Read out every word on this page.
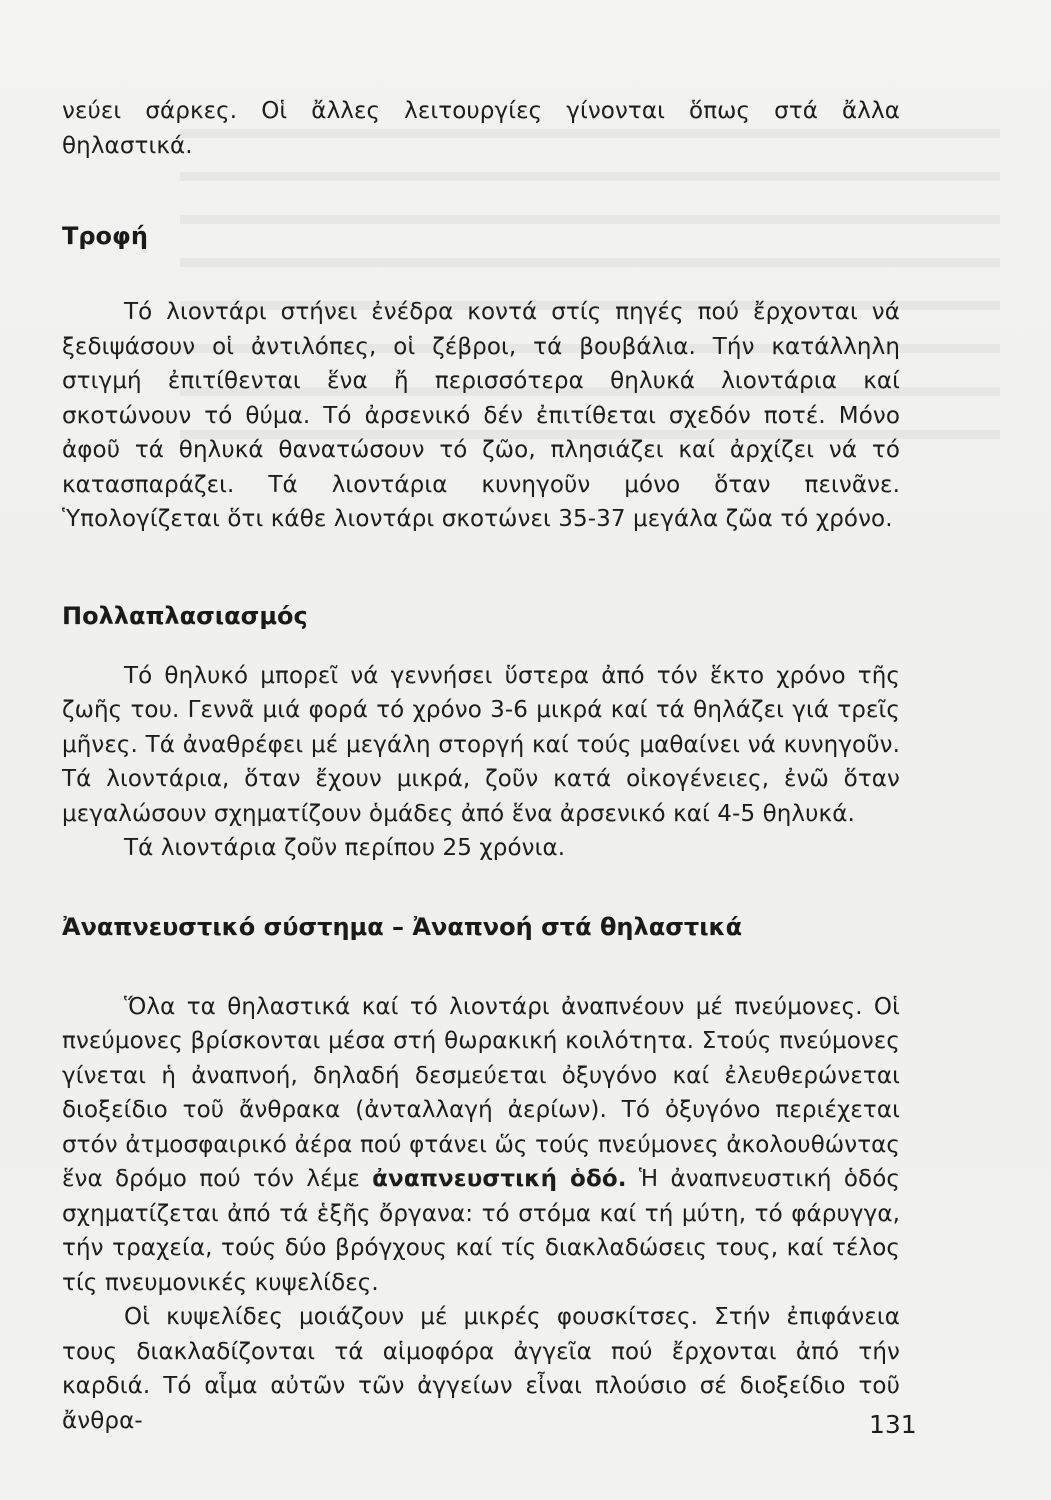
νεύει σάρκες. Οἱ ἄλλες λειτουργίες γίνονται ὅπως στά ἄλλα θηλαστικά.

Τροφή

Τό λιοντάρι στήνει ἐνέδρα κοντά στίς πηγές πού ἔρχονται νά ξεδιψάσουν οἱ ἀντιλόπες, οἱ ζέβροι, τά βουβάλια. Τήν κατάλληλη στιγμή ἐπιτίθενται ἕνα ἤ περισσότερα θηλυκά λιοντάρια καί σκοτώνουν τό θύμα. Τό ἀρσενικό δέν ἐπιτίθεται σχεδόν ποτέ. Μόνο ἀφοῦ τά θηλυκά θανατώσουν τό ζῶο, πλησιάζει καί ἀρχίζει νά τό κατασπαράζει. Τά λιοντάρια κυνηγοῦν μόνο ὅταν πεινᾶνε. Ὑπολογίζεται ὅτι κάθε λιοντάρι σκοτώνει 35-37 μεγάλα ζῶα τό χρόνο.

Πολλαπλασιασμός

Τό θηλυκό μπορεῖ νά γεννήσει ὕστερα ἀπό τόν ἕκτο χρόνο τῆς ζωῆς του. Γεννᾶ μιά φορά τό χρόνο 3-6 μικρά καί τά θηλάζει γιά τρεῖς μῆνες. Τά ἀναθρέφει μέ μεγάλη στοργή καί τούς μαθαίνει νά κυνηγοῦν. Τά λιοντάρια, ὅταν ἔχουν μικρά, ζοῦν κατά οἰκογένειες, ἐνῶ ὅταν μεγαλώσουν σχηματίζουν ὁμάδες ἀπό ἕνα ἀρσενικό καί 4-5 θηλυκά.

Τά λιοντάρια ζοῦν περίπου 25 χρόνια.

Ἀναπνευστικό σύστημα – Ἀναπνοή στά θηλαστικά

Ὅλα τα θηλαστικά καί τό λιοντάρι ἀναπνέουν μέ πνεύμονες. Οἱ πνεύμονες βρίσκονται μέσα στή θωρακική κοιλότητα. Στούς πνεύμονες γίνεται ἡ ἀναπνοή, δηλαδή δεσμεύεται ὀξυγόνο καί ἐλευθερώνεται διοξείδιο τοῦ ἄνθρακα (ἀνταλλαγή ἀερίων). Τό ὀξυγόνο περιέχεται στόν ἀτμοσφαιρικό ἀέρα πού φτάνει ὥς τούς πνεύμονες ἀκολουθώντας ἕνα δρόμο πού τόν λέμε ἀναπνευστική ὁδό. Ἡ ἀναπνευστική ὁδός σχηματίζεται ἀπό τά ἑξῆς ὄργανα: τό στόμα καί τή μύτη, τό φάρυγγα, τήν τραχεία, τούς δύο βρόγχους καί τίς διακλαδώσεις τους, καί τέλος τίς πνευμονικές κυψελίδες.

Οἱ κυψελίδες μοιάζουν μέ μικρές φουσκίτσες. Στήν ἐπιφάνεια τους διακλαδίζονται τά αἱμοφόρα ἀγγεῖα πού ἔρχονται ἀπό τήν καρδιά. Τό αἷμα αὐτῶν τῶν ἀγγείων εἶναι πλούσιο σέ διοξείδιο τοῦ ἄνθρα-	131
